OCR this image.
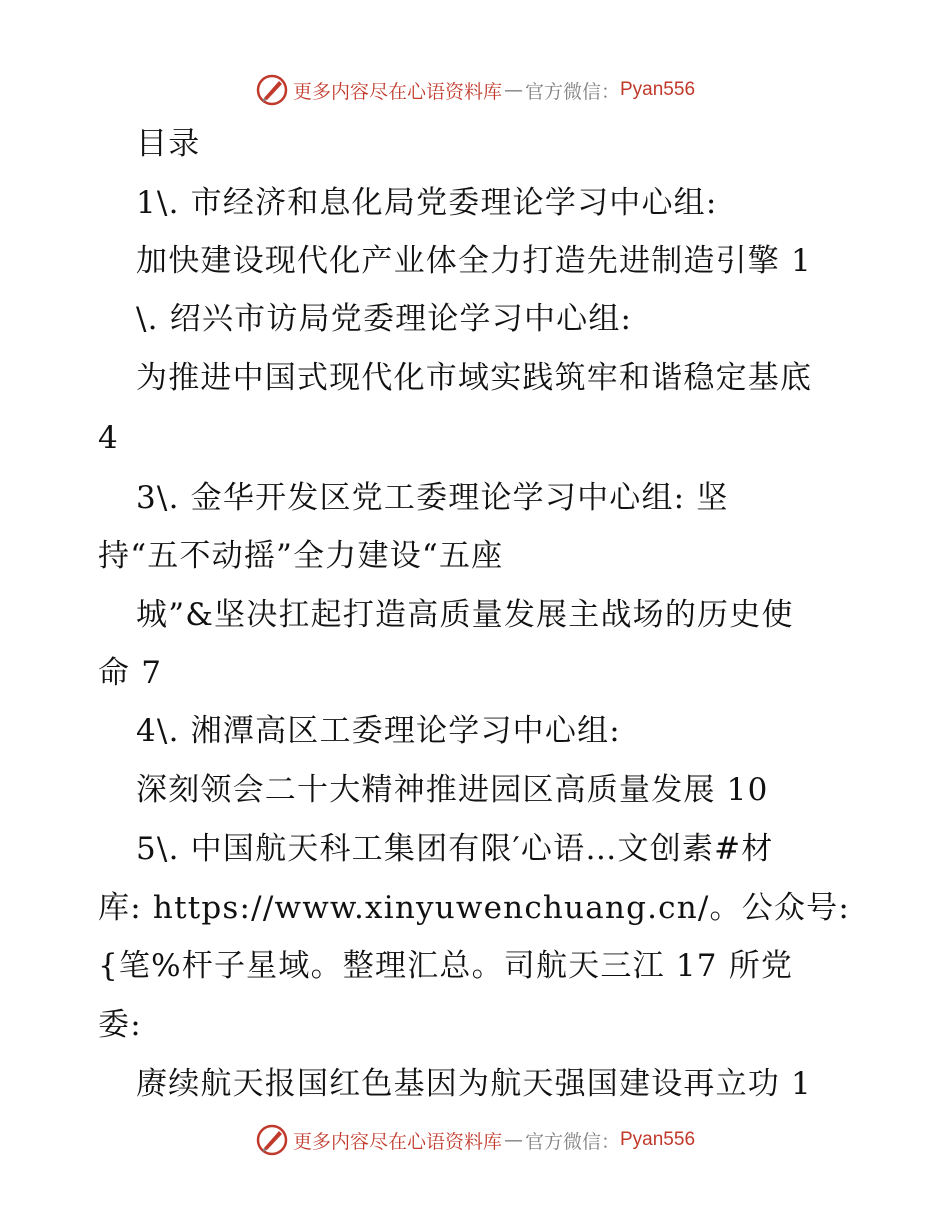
更多内容尽在心语资料库 — 官方微信： Pyan556
目录
1\. 市经济和息化局党委理论学习中心组:
加快建设现代化产业体全力打造先进制造引擎 1
\. 绍兴市访局党委理论学习中心组:
为推进中国式现代化市域实践筑牢和谐稳定基底
4
3\. 金华开发区党工委理论学习中心组: 坚
持“五不动摇”全力建设“五座
城”&坚决扛起打造高质量发展主战场的历史使
命 7
4\. 湘潭高区工委理论学习中心组:
深刻领会二十大精神推进园区高质量发展 10
5\. 中国航天科工集团有限′心语…文创素#材
库: https://www.xinyuwenchuang.cn/。公众号:
{笔%杆子星域。整理汇总。司航天三江 17 所党
委:
赓续航天报国红色基因为航天强国建设再立功 1
更多内容尽在心语资料库 — 官方微信： Pyan556
